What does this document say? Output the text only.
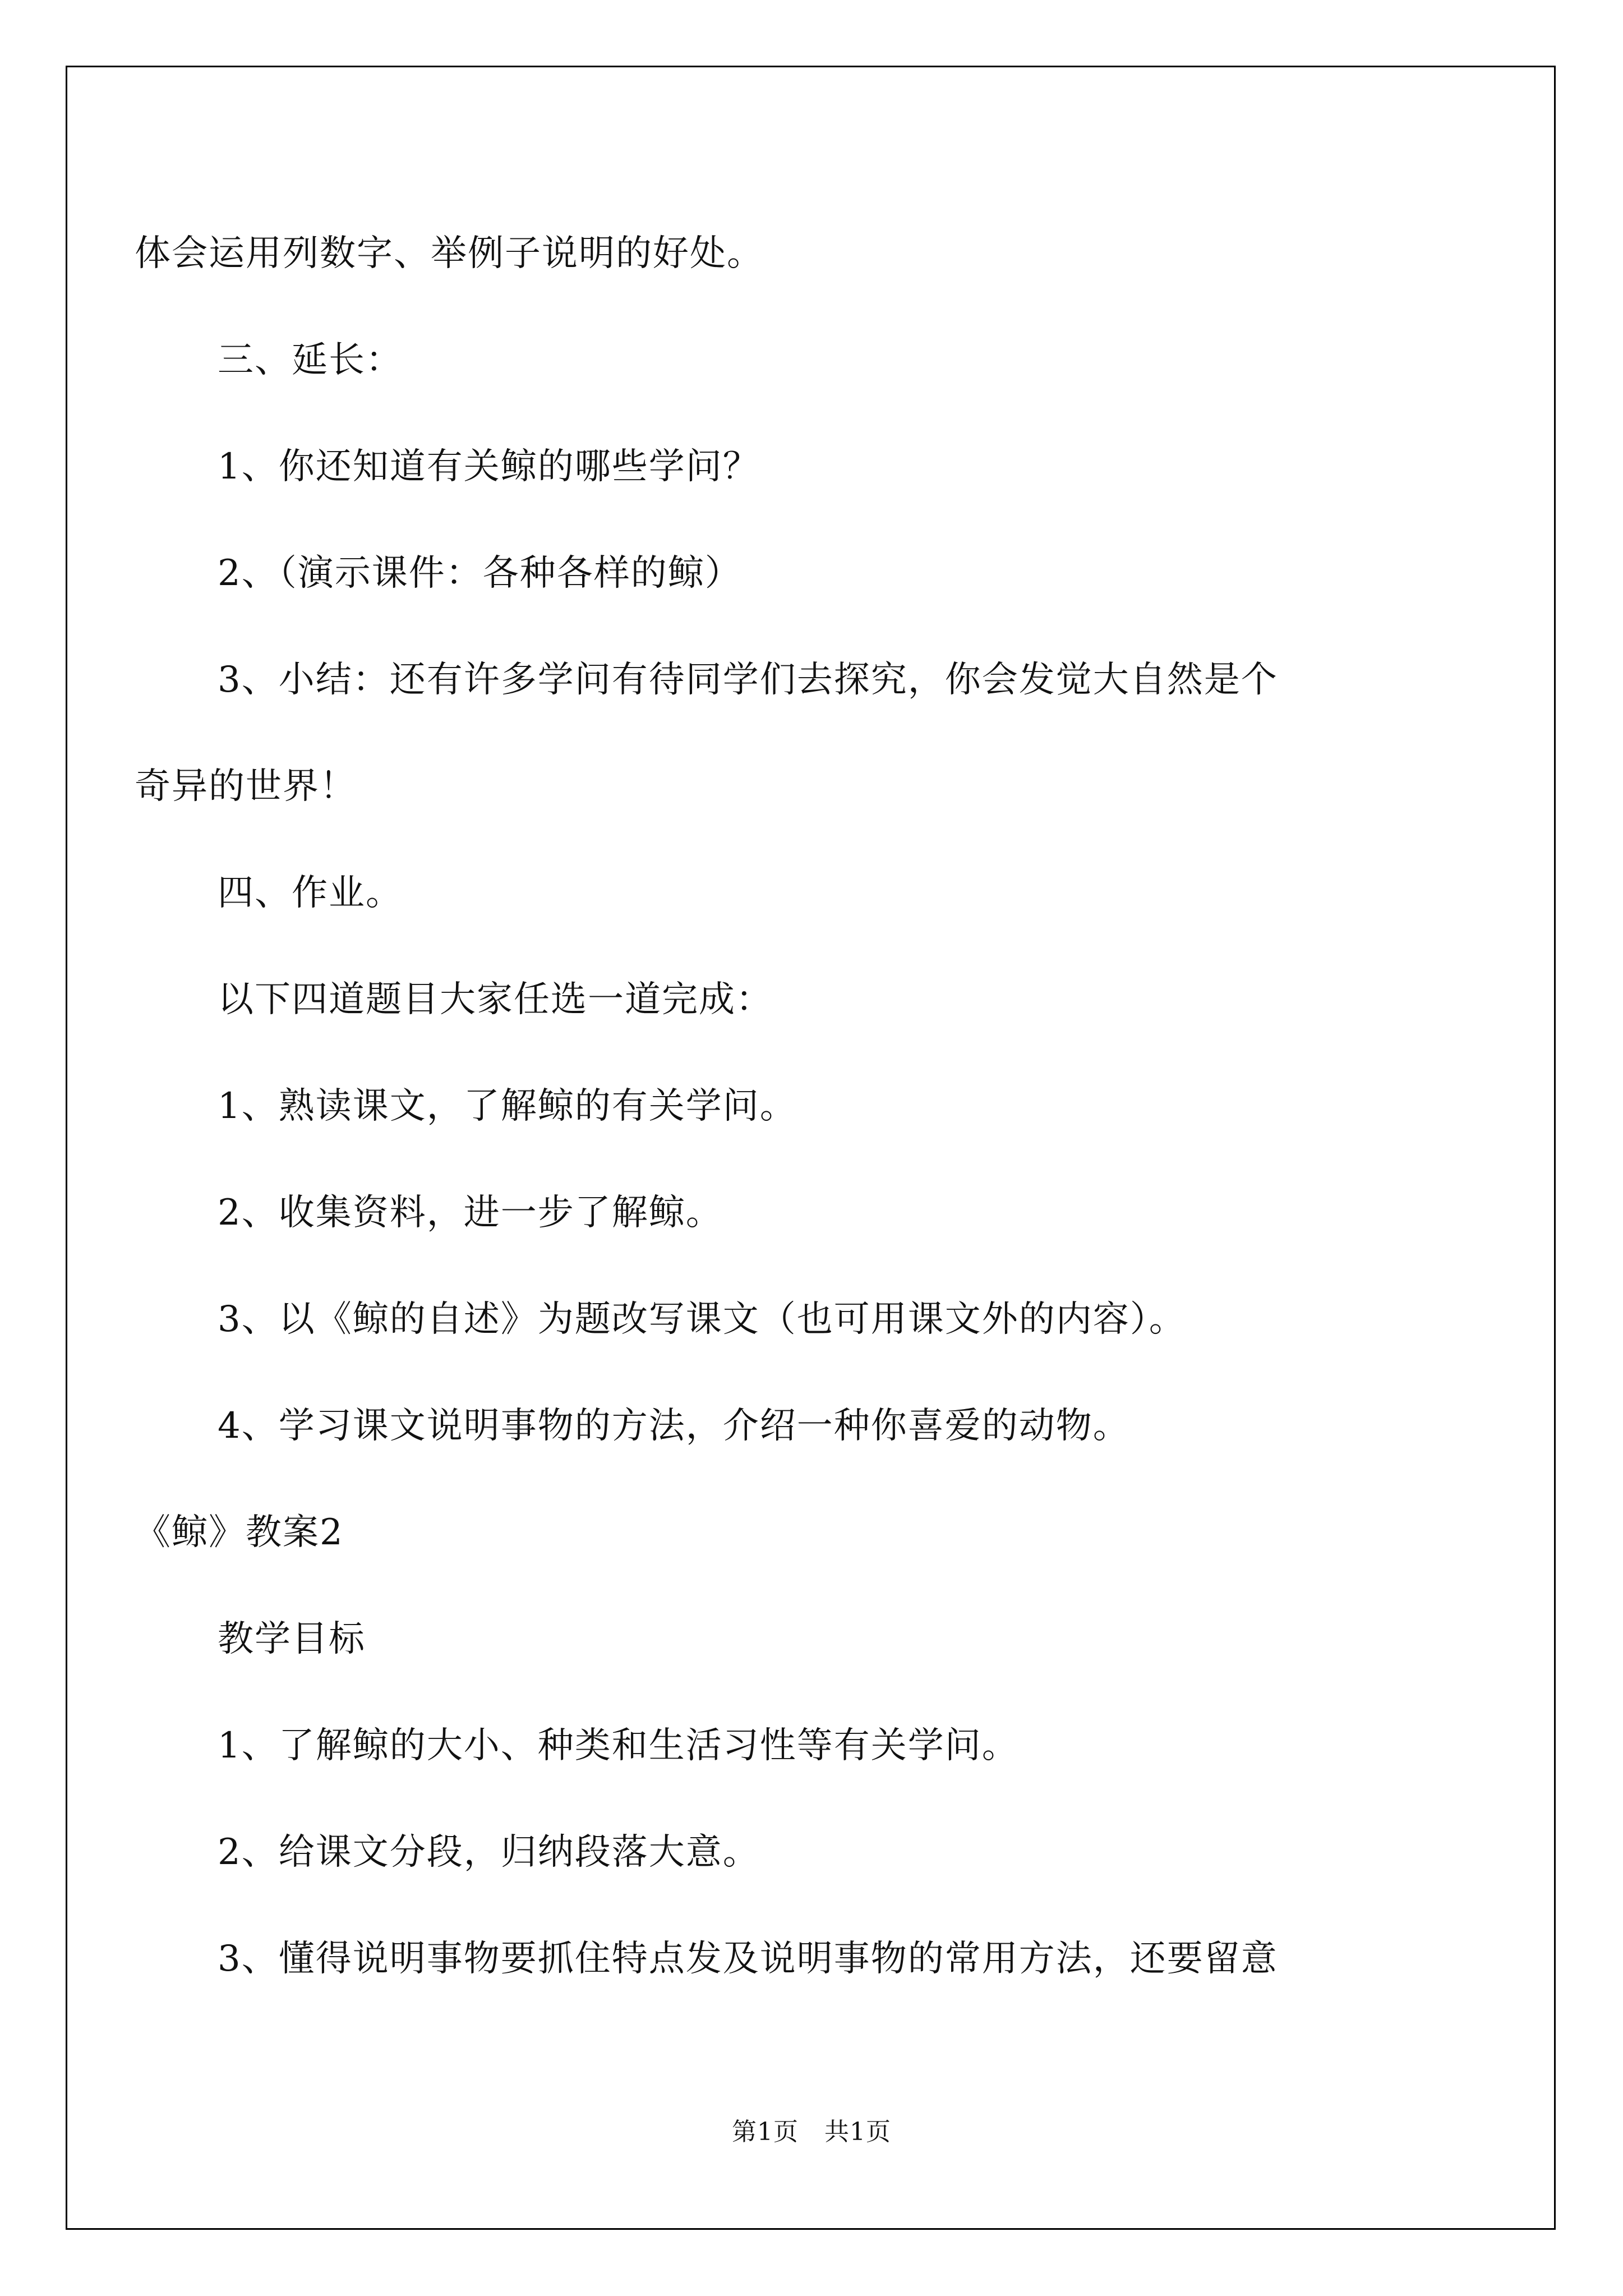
体会运用列数字、举例子说明的好处。
三、延长：
1、你还知道有关鲸的哪些学问？
2、（演示课件：各种各样的鲸）
3、小结：还有许多学问有待同学们去探究，你会发觉大自然是个
奇异的世界！
四、作业。
以下四道题目大家任选一道完成：
1、熟读课文，了解鲸的有关学问。
2、收集资料，进一步了解鲸。
3、以《鲸的自述》为题改写课文（也可用课文外的内容）。
4、学习课文说明事物的方法，介绍一种你喜爱的动物。
《鲸》教案2
教学目标
1、了解鲸的大小、种类和生活习性等有关学问。
2、给课文分段，归纳段落大意。
3、懂得说明事物要抓住特点发及说明事物的常用方法，还要留意
第1页 共1页
